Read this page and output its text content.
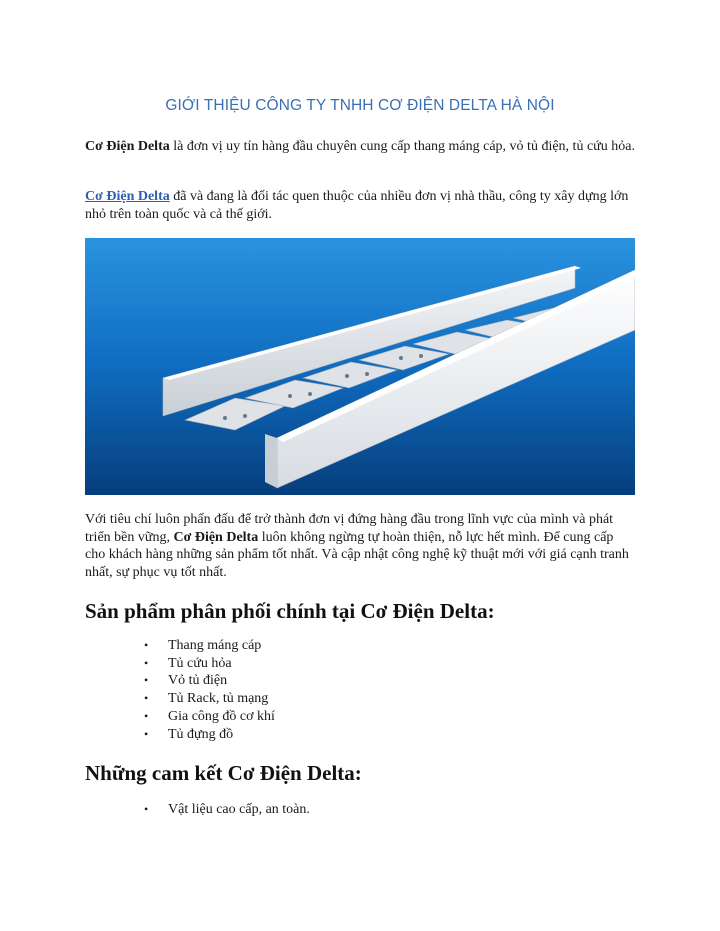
GIỚI THIỆU CÔNG TY TNHH CƠ ĐIỆN DELTA HÀ NỘI

Cơ Điện Delta là đơn vị uy tín hàng đầu chuyên cung cấp thang máng cáp, vỏ tủ điện, tủ cứu hỏa.

Cơ Điện Delta đã và đang là đối tác quen thuộc của nhiều đơn vị nhà thầu, công ty xây dựng lớn nhỏ trên toàn quốc và cả thế giới.

Với tiêu chí luôn phấn đấu để trở thành đơn vị đứng hàng đầu trong lĩnh vực của mình và phát triển bền vững, Cơ Điện Delta luôn không ngừng tự hoàn thiện, nỗ lực hết mình. Để cung cấp cho khách hàng những sản phẩm tốt nhất. Và cập nhật công nghệ kỹ thuật mới với giá cạnh tranh nhất, sự phục vụ tốt nhất.

Sản phẩm phân phối chính tại Cơ Điện Delta:
• Thang máng cáp
• Tủ cứu hỏa
• Vỏ tủ điện
• Tủ Rack, tủ mạng
• Gia công đồ cơ khí
• Tủ đựng đồ
Những cam kết Cơ Điện Delta:
• Vật liệu cao cấp, an toàn.
